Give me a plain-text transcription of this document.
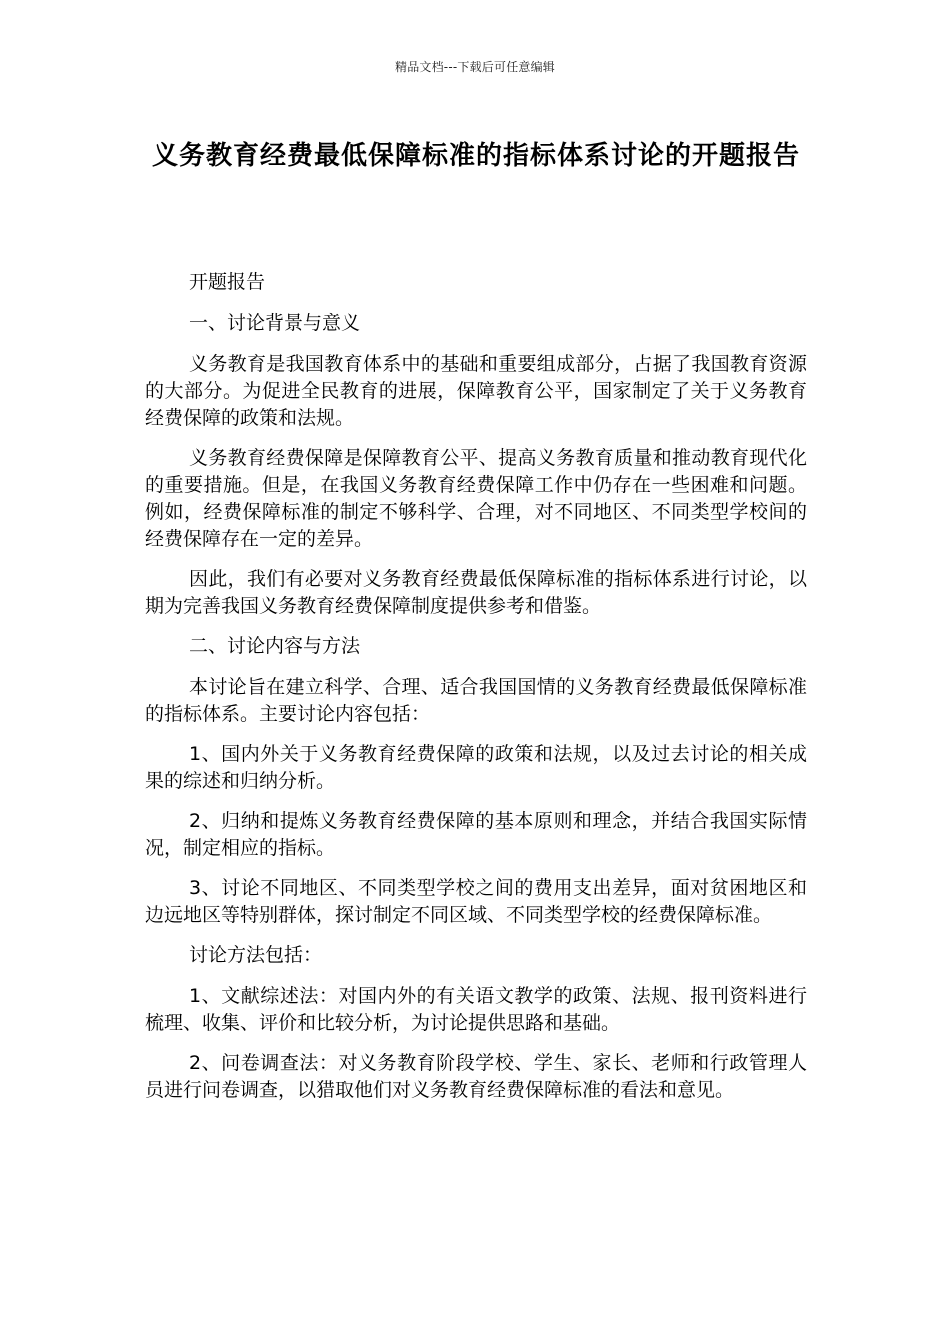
精品文档---下载后可任意编辑
义务教育经费最低保障标准的指标体系讨论的开题报告

开题报告

一、讨论背景与意义

义务教育是我国教育体系中的基础和重要组成部分，占据了我国教育资源的大部分。为促进全民教育的进展，保障教育公平，国家制定了关于义务教育经费保障的政策和法规。

义务教育经费保障是保障教育公平、提高义务教育质量和推动教育现代化的重要措施。但是，在我国义务教育经费保障工作中仍存在一些困难和问题。例如，经费保障标准的制定不够科学、合理，对不同地区、不同类型学校间的经费保障存在一定的差异。

因此，我们有必要对义务教育经费最低保障标准的指标体系进行讨论，以期为完善我国义务教育经费保障制度提供参考和借鉴。

二、讨论内容与方法

本讨论旨在建立科学、合理、适合我国国情的义务教育经费最低保障标准的指标体系。主要讨论内容包括：

1、国内外关于义务教育经费保障的政策和法规，以及过去讨论的相关成果的综述和归纳分析。

2、归纳和提炼义务教育经费保障的基本原则和理念，并结合我国实际情况，制定相应的指标。

3、讨论不同地区、不同类型学校之间的费用支出差异，面对贫困地区和边远地区等特别群体，探讨制定不同区域、不同类型学校的经费保障标准。

讨论方法包括：

1、文献综述法：对国内外的有关语文教学的政策、法规、报刊资料进行梳理、收集、评价和比较分析，为讨论提供思路和基础。

2、问卷调查法：对义务教育阶段学校、学生、家长、老师和行政管理人员进行问卷调查，以猎取他们对义务教育经费保障标准的看法和意见。
